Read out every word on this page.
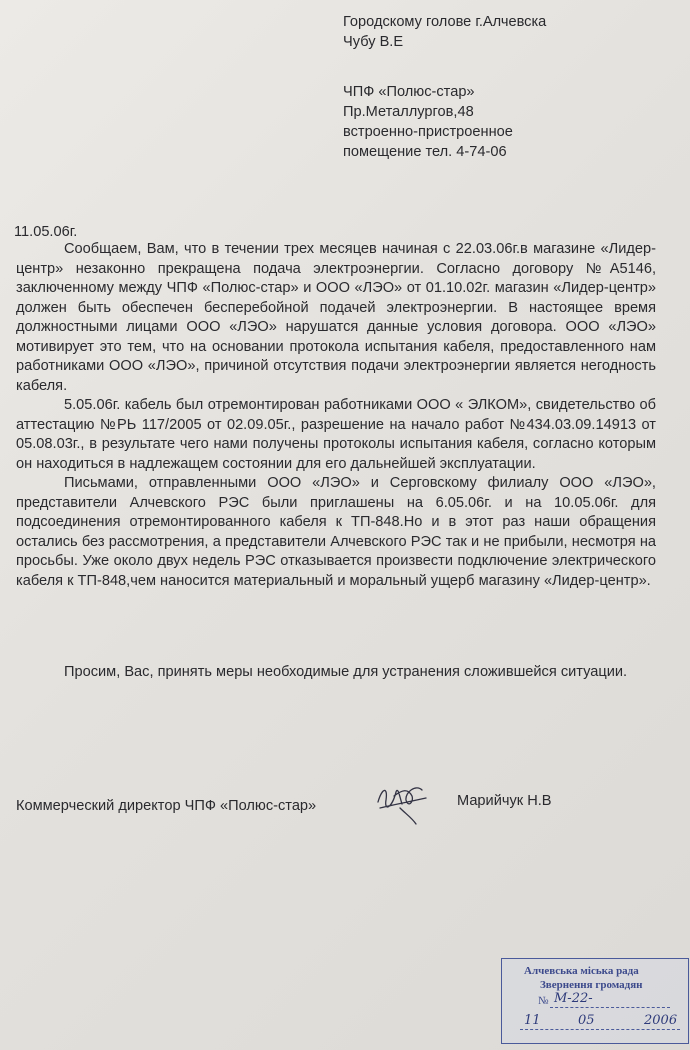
Городскому голове г.Алчевска
Чубу В.Е
ЧПФ «Полюс-стар»
Пр.Металлургов,48
встроенно-пристроенное
помещение тел. 4-74-06
11.05.06г.

Сообщаем, Вам, что в течении трех месяцев начиная с 22.03.06г.в магазине «Лидер-центр» незаконно прекращена подача электроэнергии. Согласно договору №А5146, заключенному между ЧПФ «Полюс-стар» и ООО «ЛЭО» от 01.10.02г. магазин «Лидер-центр» должен быть обеспечен бесперебойной подачей электроэнергии. В настоящее время должностными лицами ООО «ЛЭО» нарушатся данные условия договора. ООО «ЛЭО» мотивирует это тем, что на основании протокола испытания кабеля, предоставленного нам работниками ООО «ЛЭО», причиной отсутствия подачи электроэнергии является негодность кабеля.

5.05.06г. кабель был отремонтирован работниками ООО « ЭЛКОМ», свидетельство об аттестацию №РЬ 117/2005 от 02.09.05г., разрешение на начало работ №434.03.09.14913 от 05.08.03г., в результате чего нами получены протоколы испытания кабеля, согласно которым он находиться в надлежащем состоянии для его дальнейшей эксплуатации.

Письмами, отправленными ООО «ЛЭО» и Серговскому филиалу ООО «ЛЭО», представители Алчевского РЭС были приглашены на 6.05.06г. и на 10.05.06г. для подсоединения отремонтированного кабеля к ТП-848.Но и в этот раз наши обращения остались без рассмотрения, а представители Алчевского РЭС так и не прибыли, несмотря на просьбы. Уже около двух недель РЭС отказывается произвести подключение электрического кабеля к ТП-848,чем наносится материальный и моральный ущерб магазину «Лидер-центр».

Просим, Вас, принять меры необходимые для устранения сложившейся ситуации.

Коммерческий директор ЧПФ «Полюс-стар»	Марийчук Н.В
Алчевська міська рада
Звернення громадян
№ М-22-
11	05	2006
